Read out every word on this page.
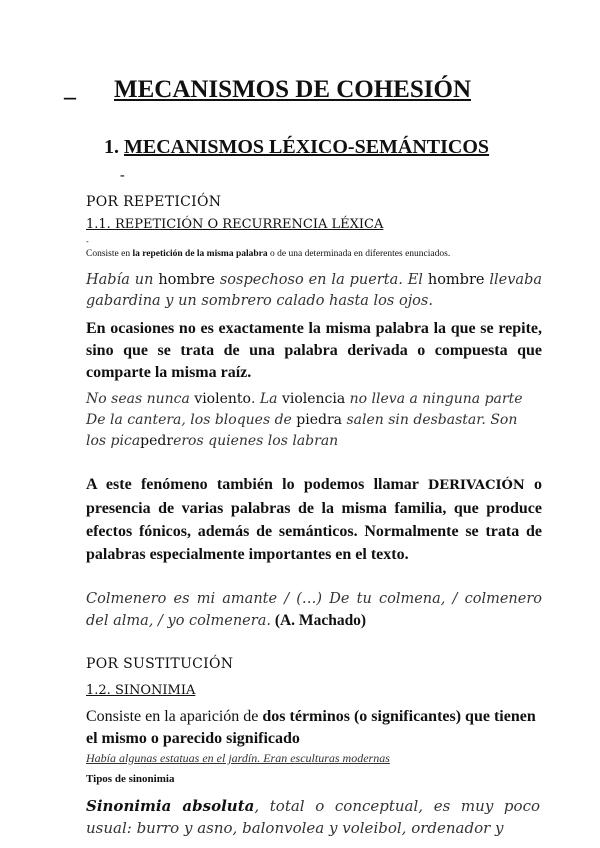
_ MECANISMOS DE COHESIÓN
1. MECANISMOS LÉXICO-SEMÁNTICOS
-
POR REPETICIÓN
1.1. REPETICIÓN O RECURRENCIA LÉXICA
-
Consiste en la repetición de la misma palabra o de una determinada en diferentes enunciados.
Había un hombre sospechoso en la puerta. El hombre llevaba gabardina y un sombrero calado hasta los ojos.
En ocasiones no es exactamente la misma palabra la que se repite, sino que se trata de una palabra derivada o compuesta que comparte la misma raíz.
No seas nunca violento. La violencia no lleva a ninguna parte
De la cantera, los bloques de piedra salen sin desbastar. Son
los picapedreros quienes los labran
A este fenómeno también lo podemos llamar DERIVACIÓN o presencia de varias palabras de la misma familia, que produce efectos fónicos, además de semánticos. Normalmente se trata de palabras especialmente importantes en el texto.
Colmenero es mi amante / (…) De tu colmena, / colmenero del alma, / yo colmenera. (A. Machado)
POR SUSTITUCIÓN
1.2. SINONIMIA
Consiste en la aparición de dos términos (o significantes) que tienen el mismo o parecido significado
Había algunas estatuas en el jardín. Eran esculturas modernas
Tipos de sinonimia
Sinonimia absoluta, total o conceptual, es muy poco usual: burro y asno, balonvolea y voleibol, ordenador y
